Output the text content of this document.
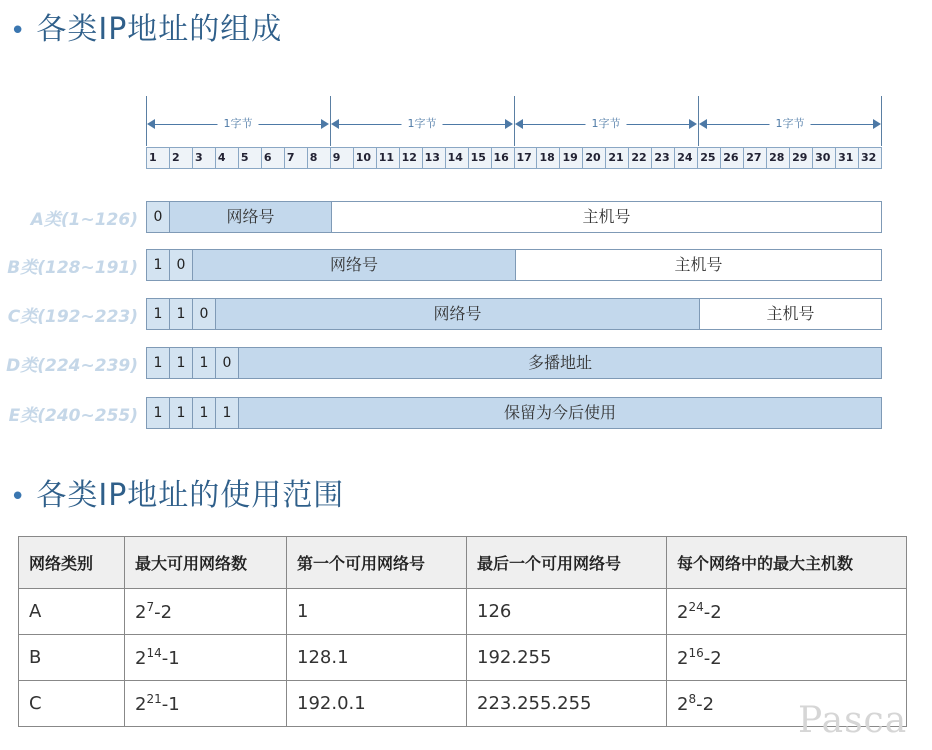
• 各类IP地址的组成
1	2	3	4	5	6	7	8	9	10 11 12 13 14 15 16 17 18 19 20 21 22 23 24 25 26 27 28 29 30 31 32
1字节	1字节	1字节	1字节
A类(1~126)	0	网络号	主机号
B类(128~191)	1	0	网络号	主机号
C类(192~223)	1	1	0	网络号	主机号
D类(224~239)	1	1	1	0	多播地址
E类(240~255)	1	1	1	1	保留为今后使用
• 各类IP地址的使用范围
网络类别	最大可用网络数	第一个可用网络号	最后一个可用网络号	每个网络中的最大主机数
A	$2^7-2$	1	126	$2^{24}-2$
B	$2^{14}-1$	128.1	192.255	$2^{16}-2$
C	$2^{21}-1$	192.0.1	223.255.255	$2^8-2$ Pasca
